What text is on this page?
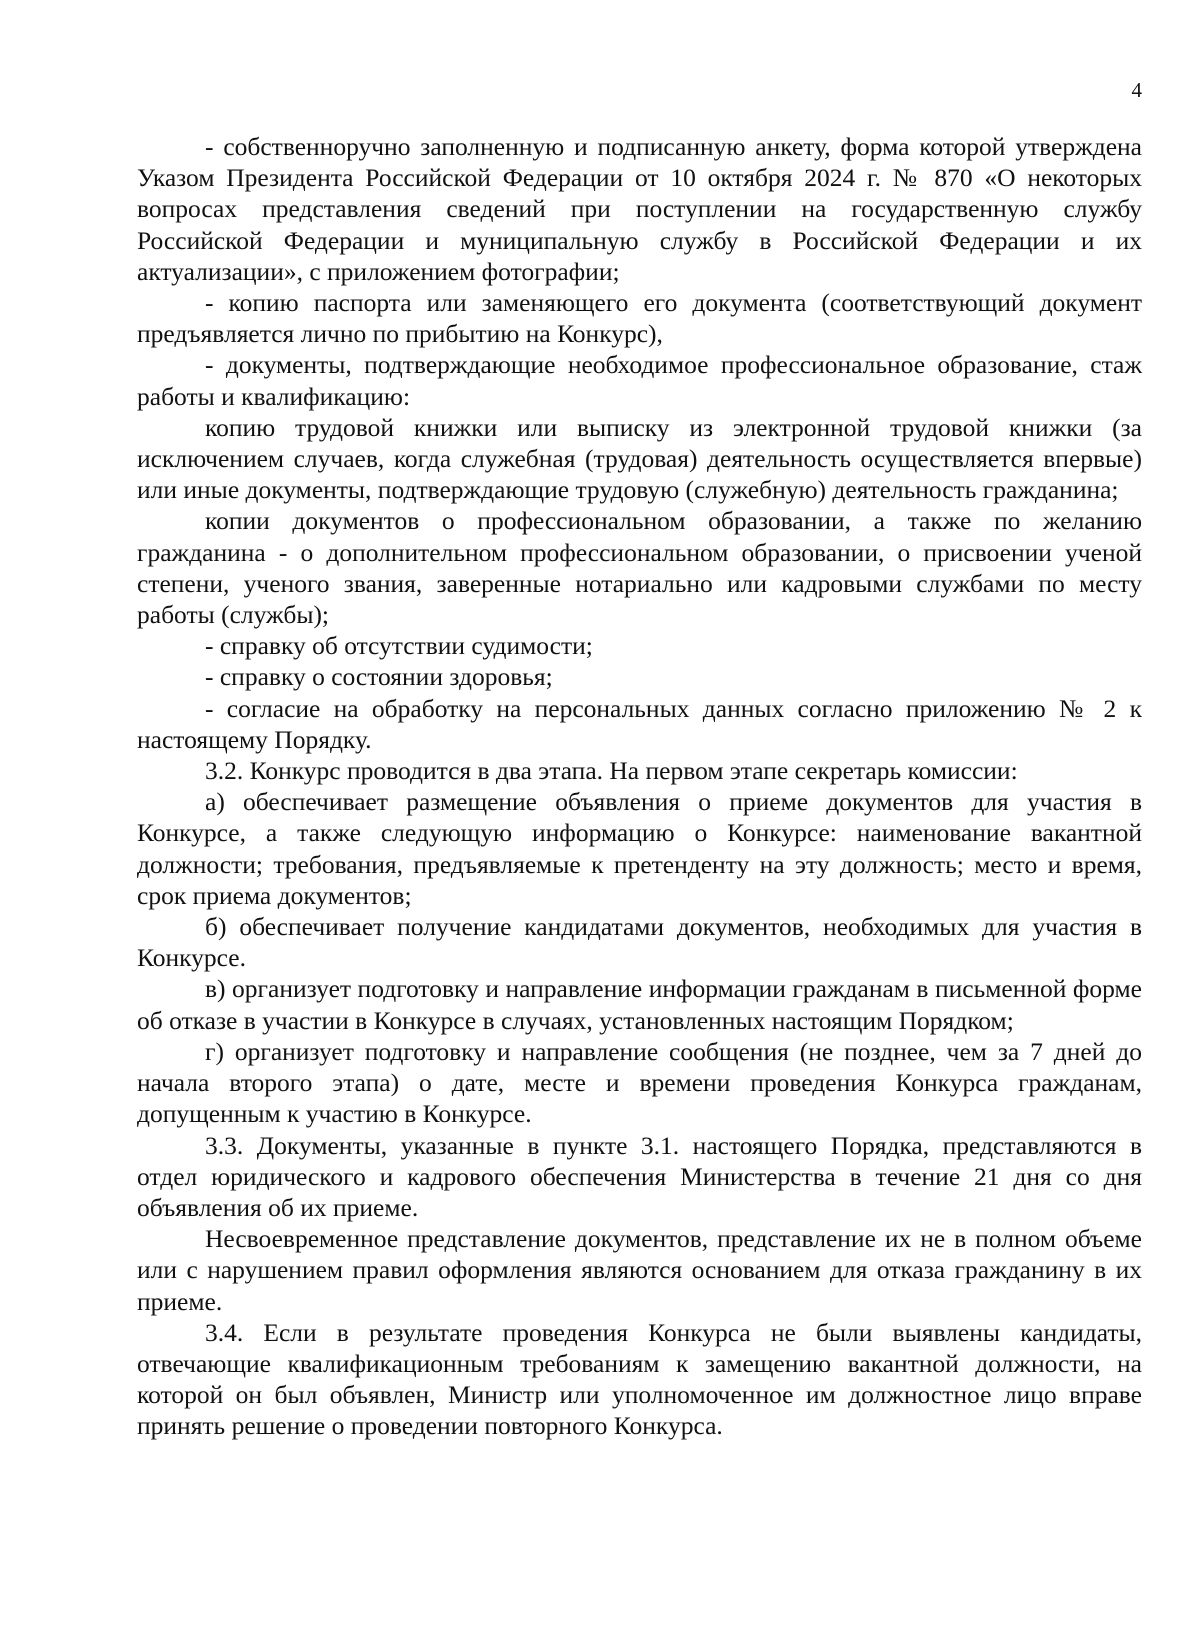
4

- собственноручно заполненную и подписанную анкету, форма которой утверждена Указом Президента Российской Федерации от 10 октября 2024 г. № 870 «О некоторых вопросах представления сведений при поступлении на государственную службу Российской Федерации и муниципальную службу в Российской Федерации и их актуализации», с приложением фотографии;

- копию паспорта или заменяющего его документа (соответствующий документ предъявляется лично по прибытию на Конкурс),

- документы, подтверждающие необходимое профессиональное образование, стаж работы и квалификацию:

копию трудовой книжки или выписку из электронной трудовой книжки (за исключением случаев, когда служебная (трудовая) деятельность осуществляется впервые) или иные документы, подтверждающие трудовую (служебную) деятельность гражданина;

копии документов о профессиональном образовании, а также по желанию гражданина - о дополнительном профессиональном образовании, о присвоении ученой степени, ученого звания, заверенные нотариально или кадровыми службами по месту работы (службы);

- справку об отсутствии судимости;

- справку о состоянии здоровья;

- согласие на обработку на персональных данных согласно приложению № 2 к настоящему Порядку.

3.2. Конкурс проводится в два этапа. На первом этапе секретарь комиссии:

а) обеспечивает размещение объявления о приеме документов для участия в Конкурсе, а также следующую информацию о Конкурсе: наименование вакантной должности; требования, предъявляемые к претенденту на эту должность; место и время, срок приема документов;

б) обеспечивает получение кандидатами документов, необходимых для участия в Конкурсе.

в) организует подготовку и направление информации гражданам в письменной форме об отказе в участии в Конкурсе в случаях, установленных настоящим Порядком;

г) организует подготовку и направление сообщения (не позднее, чем за 7 дней до начала второго этапа) о дате, месте и времени проведения Конкурса гражданам, допущенным к участию в Конкурсе.

3.3. Документы, указанные в пункте 3.1. настоящего Порядка, представляются в отдел юридического и кадрового обеспечения Министерства в течение 21 дня со дня объявления об их приеме.

Несвоевременное представление документов, представление их не в полном объеме или с нарушением правил оформления являются основанием для отказа гражданину в их приеме.

3.4. Если в результате проведения Конкурса не были выявлены кандидаты, отвечающие квалификационным требованиям к замещению вакантной должности, на которой он был объявлен, Министр или уполномоченное им должностное лицо вправе принять решение о проведении повторного Конкурса.
